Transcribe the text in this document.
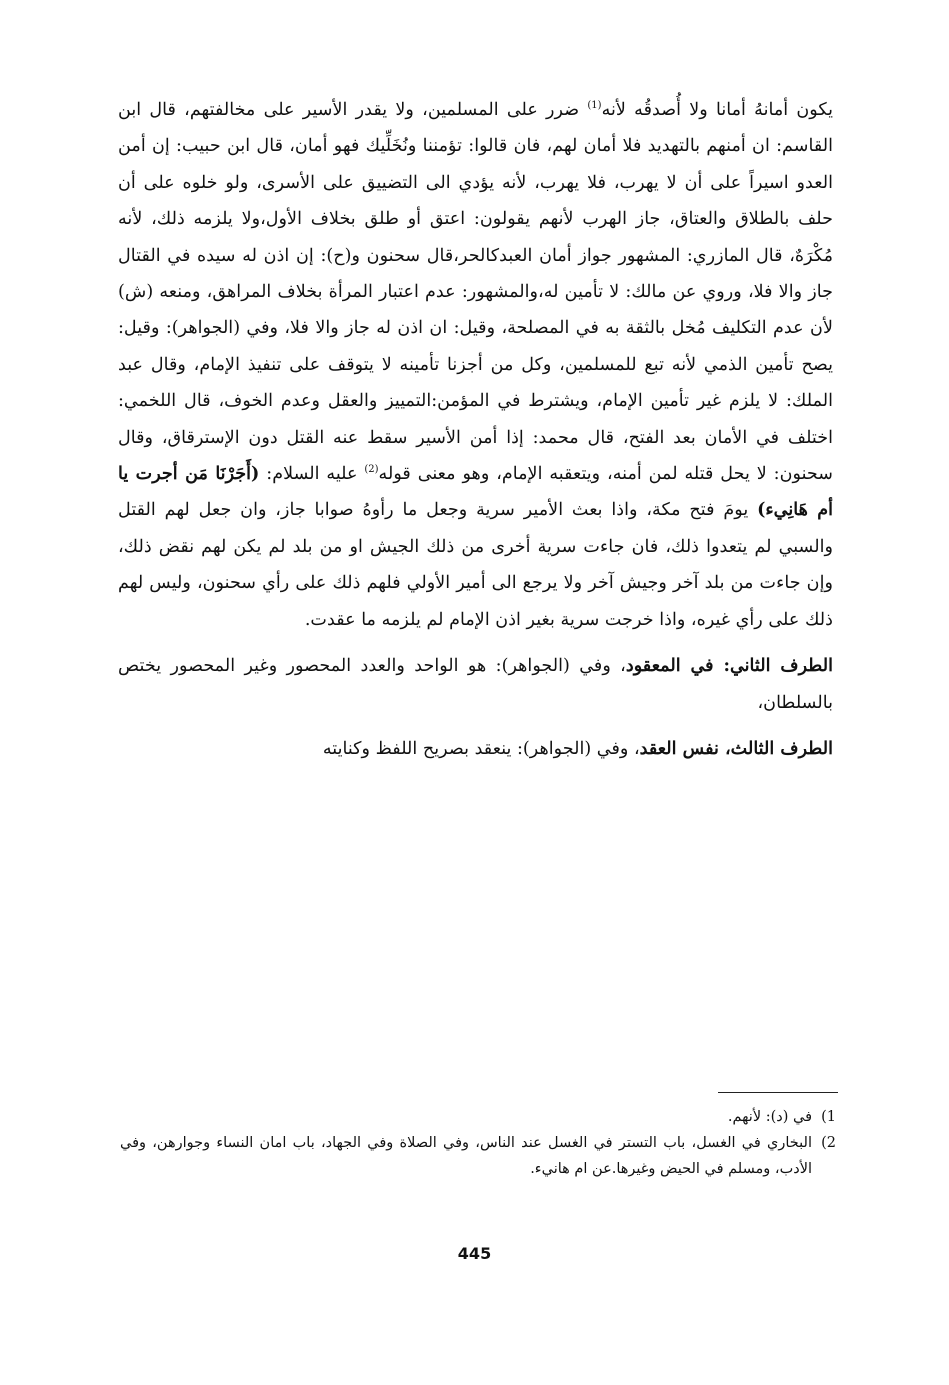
يكون أمانهُ أمانا ولا أُصدقُه لأنه$^{(1)}$ ضرر على المسلمين، ولا يقدر الأسير على مخالفتهم، قال ابن القاسم: ان أمنهم بالتهديد فلا أمان لهم، فان قالوا: تؤمننا ونُخَلِّيك فهو أمان، قال ابن حبيب: إن أمن العدو اسيراً على أن لا يهرب، فلا يهرب، لأنه يؤدي الى التضييق على الأسرى، ولو خلوه على أن حلف بالطلاق والعتاق، جاز الهرب لأنهم يقولون: اعتق أو طلق بخلاف الأول،ولا يلزمه ذلك، لأنه مُكْرَهٌ، قال المازري: المشهور جواز أمان العبدكالحر،قال سحنون و(ح): إن اذن له سيده في القتال جاز والا فلا، وروي عن مالك: لا تأمين له،والمشهور: عدم اعتبار المرأة بخلاف المراهق، ومنعه (ش) لأن عدم التكليف مُخل بالثقة به في المصلحة، وقيل: ان اذن له جاز والا فلا، وفي (الجواهر): وقيل: يصح تأمين الذمي لأنه تبع للمسلمين، وكل من أجزنا تأمينه لا يتوقف على تنفيذ الإمام، وقال عبد الملك: لا يلزم غير تأمين الإمام، ويشترط في المؤمن:التمييز والعقل وعدم الخوف، قال اللخمي: اختلف في الأمان بعد الفتح، قال محمد: إذا أمن الأسير سقط عنه القتل دون الإسترقاق، وقال سحنون: لا يحل قتله لمن أمنه، ويتعقبه الإمام، وهو معنى قوله$^{(2)}$ عليه السلام: (أَجَرْنَا مَن أجرت يا أم هَانِيء) يومَ فتح مكة، واذا بعث الأمير سرية وجعل ما رأوهُ صوابا جاز، وان جعل لهم القتل والسبي لم يتعدوا ذلك، فان جاءت سرية أخرى من ذلك الجيش او من بلد لم يكن لهم نقض ذلك، وإن جاءت من بلد آخر وجيش آخر ولا يرجع الى أمير الأولي فلهم ذلك على رأي سحنون، وليس لهم ذلك على رأي غيره، واذا خرجت سرية بغير اذن الإمام لم يلزمه ما عقدت.

الطرف الثاني: في المعقود، وفي (الجواهر): هو الواحد والعدد المحصور وغير المحصور يختص بالسلطان،

الطرف الثالث، نفس العقد، وفي (الجواهر): ينعقد بصريح اللفظ وكنايته

1)
في (د): لأنهم.

2)
البخاري في الغسل، باب التستر في الغسل عند الناس، وفي الصلاة وفي الجهاد، باب امان النساء وجوارهن، وفي الأدب، ومسلم في الحيض وغيرها.عن ام هانيء.

445
